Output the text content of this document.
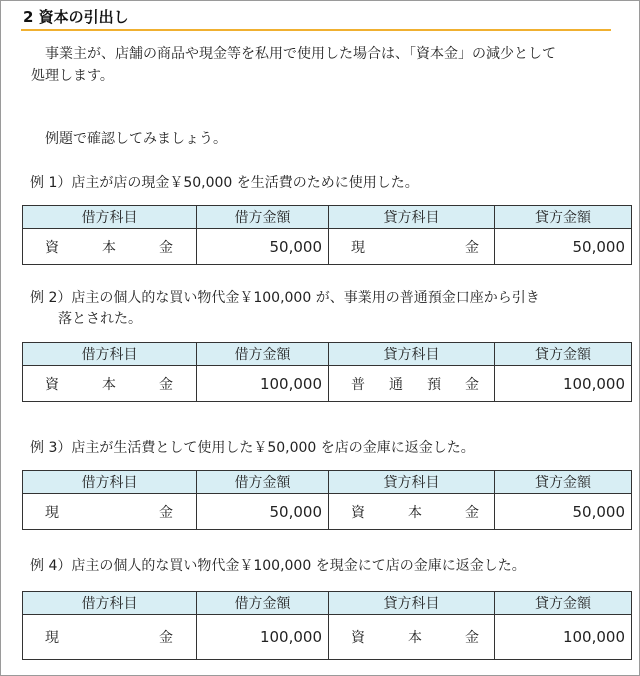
2 資本の引出し
事業主が、店舗の商品や現金等を私用で使用した場合は、「資本金」の減少として
処理します。
例題で確認してみましょう。
例 1）店主が店の現金￥50,000 を生活費のために使用した。
借方科目	借方金額	貸方科目	貸方金額
資 本 金	50,000	現 金	50,000
例 2）店主の個人的な買い物代金￥100,000 が、事業用の普通預金口座から引き
落とされた。
借方科目	借方金額	貸方科目	貸方金額
資 本 金	100,000	普 通 預 金	100,000
例 3）店主が生活費として使用した￥50,000 を店の金庫に返金した。
借方科目	借方金額	貸方科目	貸方金額
現 金	50,000	資 本 金	50,000
例 4）店主の個人的な買い物代金￥100,000 を現金にて店の金庫に返金した。
借方科目	借方金額	貸方科目	貸方金額
現 金	100,000	資 本 金	100,000
